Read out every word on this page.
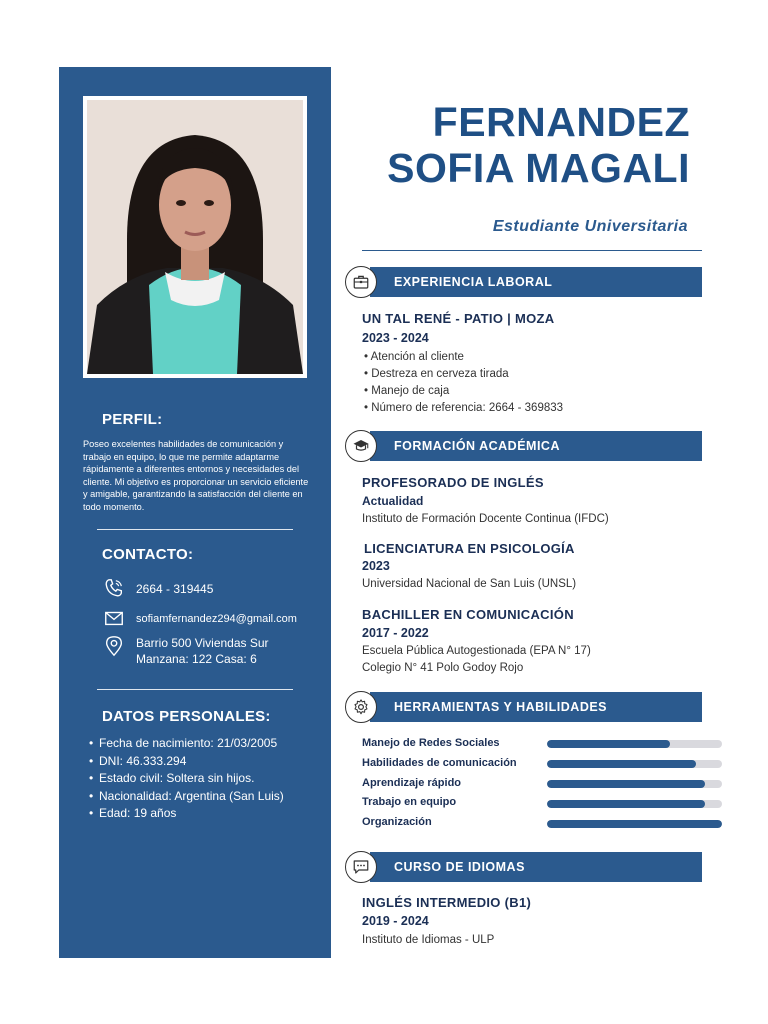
PERFIL:
Poseo excelentes habilidades de comunicación y trabajo en equipo, lo que me permite adaptarme rápidamente a diferentes entornos y necesidades del cliente. Mi objetivo es proporcionar un servicio eficiente y amigable, garantizando la satisfacción del cliente en todo momento.
CONTACTO:
2664 - 319445
sofiamfernandez294@gmail.com
Barrio 500 Viviendas Sur
Manzana: 122 Casa: 6
DATOS PERSONALES:
• Fecha de nacimiento: 21/03/2005
• DNI: 46.333.294
• Estado civil: Soltera sin hijos.
• Nacionalidad: Argentina (San Luis)
• Edad: 19 años
FERNANDEZ
SOFIA MAGALI
Estudiante Universitaria
EXPERIENCIA LABORAL
UN TAL RENÉ - PATIO | MOZA
2023 - 2024
• Atención al cliente
• Destreza en cerveza tirada
• Manejo de caja
• Número de referencia: 2664 - 369833
FORMACIÓN ACADÉMICA
PROFESORADO DE INGLÉS
Actualidad
Instituto de Formación Docente Continua (IFDC)
LICENCIATURA EN PSICOLOGÍA
2023
Universidad Nacional de San Luis (UNSL)
BACHILLER EN COMUNICACIÓN
2017 - 2022
Escuela Pública Autogestionada (EPA N° 17)
Colegio N° 41 Polo Godoy Rojo
HERRAMIENTAS Y HABILIDADES
Manejo de Redes Sociales
Habilidades de comunicación
Aprendizaje rápido
Trabajo en equipo
Organización
CURSO DE IDIOMAS
INGLÉS INTERMEDIO (B1)
2019 - 2024
Instituto de Idiomas - ULP
